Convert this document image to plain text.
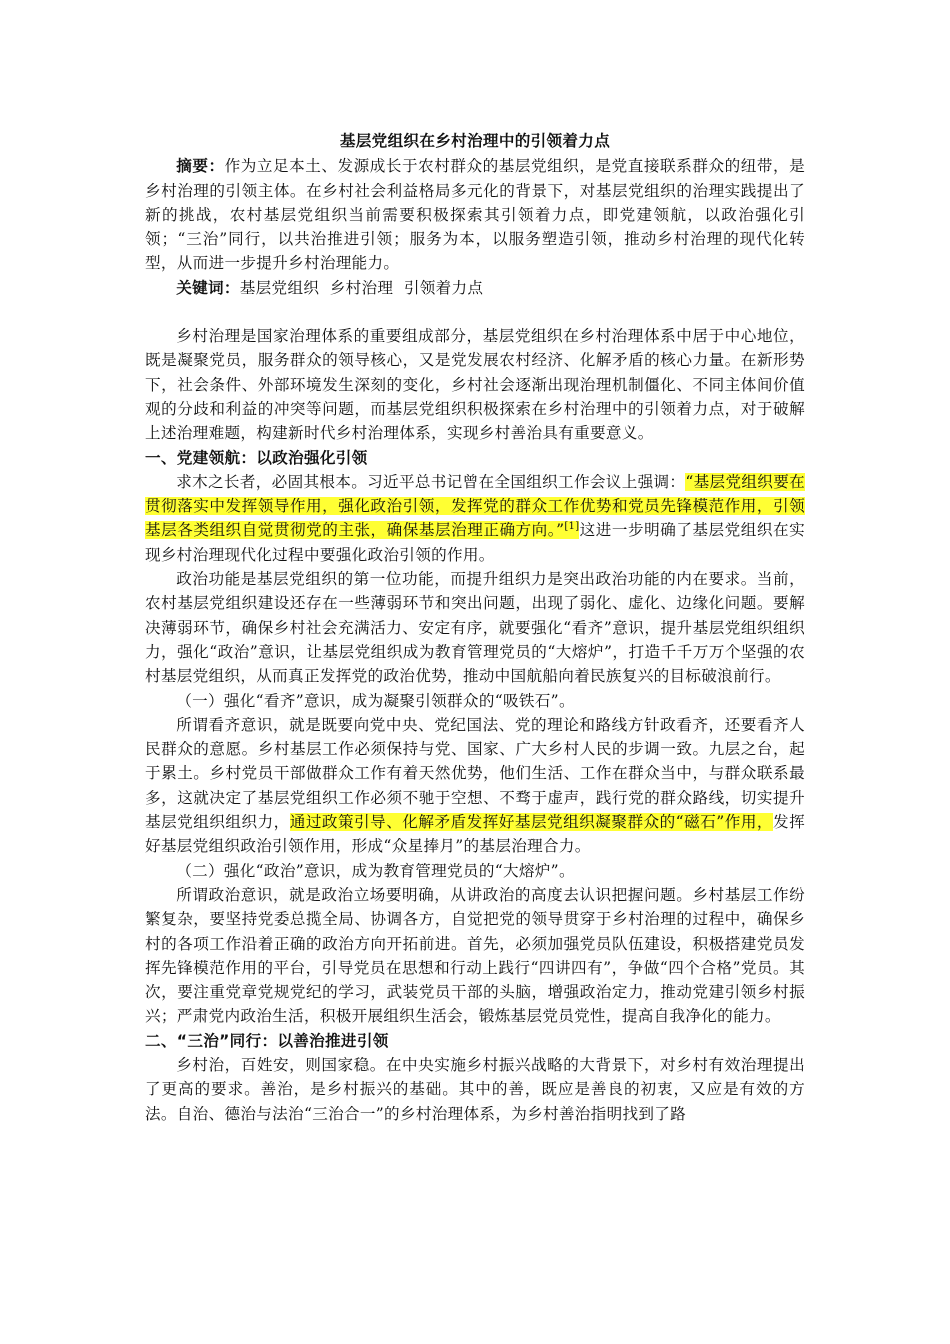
基层党组织在乡村治理中的引领着力点

摘要：作为立足本土、发源成长于农村群众的基层党组织，是党直接联系群众的纽带，是乡村治理的引领主体。在乡村社会利益格局多元化的背景下，对基层党组织的治理实践提出了新的挑战，农村基层党组织当前需要积极探索其引领着力点，即党建领航，以政治强化引领；“三治”同行，以共治推进引领；服务为本，以服务塑造引领，推动乡村治理的现代化转型，从而进一步提升乡村治理能力。

关键词：基层党组织  乡村治理  引领着力点

乡村治理是国家治理体系的重要组成部分，基层党组织在乡村治理体系中居于中心地位，既是凝聚党员，服务群众的领导核心，又是党发展农村经济、化解矛盾的核心力量。在新形势下，社会条件、外部环境发生深刻的变化，乡村社会逐渐出现治理机制僵化、不同主体间价值观的分歧和利益的冲突等问题，而基层党组织积极探索在乡村治理中的引领着力点，对于破解上述治理难题，构建新时代乡村治理体系，实现乡村善治具有重要意义。

一、党建领航：以政治强化引领

求木之长者，必固其根本。习近平总书记曾在全国组织工作会议上强调：“基层党组织要在贯彻落实中发挥领导作用，强化政治引领，发挥党的群众工作优势和党员先锋模范作用，引领基层各类组织自觉贯彻党的主张，确保基层治理正确方向。”[1]这进一步明确了基层党组织在实现乡村治理现代化过程中要强化政治引领的作用。

政治功能是基层党组织的第一位功能，而提升组织力是突出政治功能的内在要求。当前，农村基层党组织建设还存在一些薄弱环节和突出问题，出现了弱化、虚化、边缘化问题。要解决薄弱环节，确保乡村社会充满活力、安定有序，就要强化“看齐”意识，提升基层党组织组织力，强化“政治”意识，让基层党组织成为教育管理党员的“大熔炉”，打造千千万万个坚强的农村基层党组织，从而真正发挥党的政治优势，推动中国航船向着民族复兴的目标破浪前行。

（一）强化“看齐”意识，成为凝聚引领群众的“吸铁石”。

所谓看齐意识，就是既要向党中央、党纪国法、党的理论和路线方针政看齐，还要看齐人民群众的意愿。乡村基层工作必须保持与党、国家、广大乡村人民的步调一致。九层之台，起于累土。乡村党员干部做群众工作有着天然优势，他们生活、工作在群众当中，与群众联系最多，这就决定了基层党组织工作必须不驰于空想、不骛于虚声，践行党的群众路线，切实提升基层党组织组织力，通过政策引导、化解矛盾发挥好基层党组织凝聚群众的“磁石”作用，发挥好基层党组织政治引领作用，形成“众星捧月”的基层治理合力。

（二）强化“政治”意识，成为教育管理党员的“大熔炉”。

所谓政治意识，就是政治立场要明确，从讲政治的高度去认识把握问题。乡村基层工作纷繁复杂，要坚持党委总揽全局、协调各方，自觉把党的领导贯穿于乡村治理的过程中，确保乡村的各项工作沿着正确的政治方向开拓前进。首先，必须加强党员队伍建设，积极搭建党员发挥先锋模范作用的平台，引导党员在思想和行动上践行“四讲四有”，争做“四个合格”党员。其次，要注重党章党规党纪的学习，武装党员干部的头脑，增强政治定力，推动党建引领乡村振兴；严肃党内政治生活，积极开展组织生活会，锻炼基层党员党性，提高自我净化的能力。

二、“三治”同行：以善治推进引领

乡村治，百姓安，则国家稳。在中央实施乡村振兴战略的大背景下，对乡村有效治理提出了更高的要求。善治，是乡村振兴的基础。其中的善，既应是善良的初衷，又应是有效的方法。自治、德治与法治“三治合一”的乡村治理体系，为乡村善治指明找到了路
